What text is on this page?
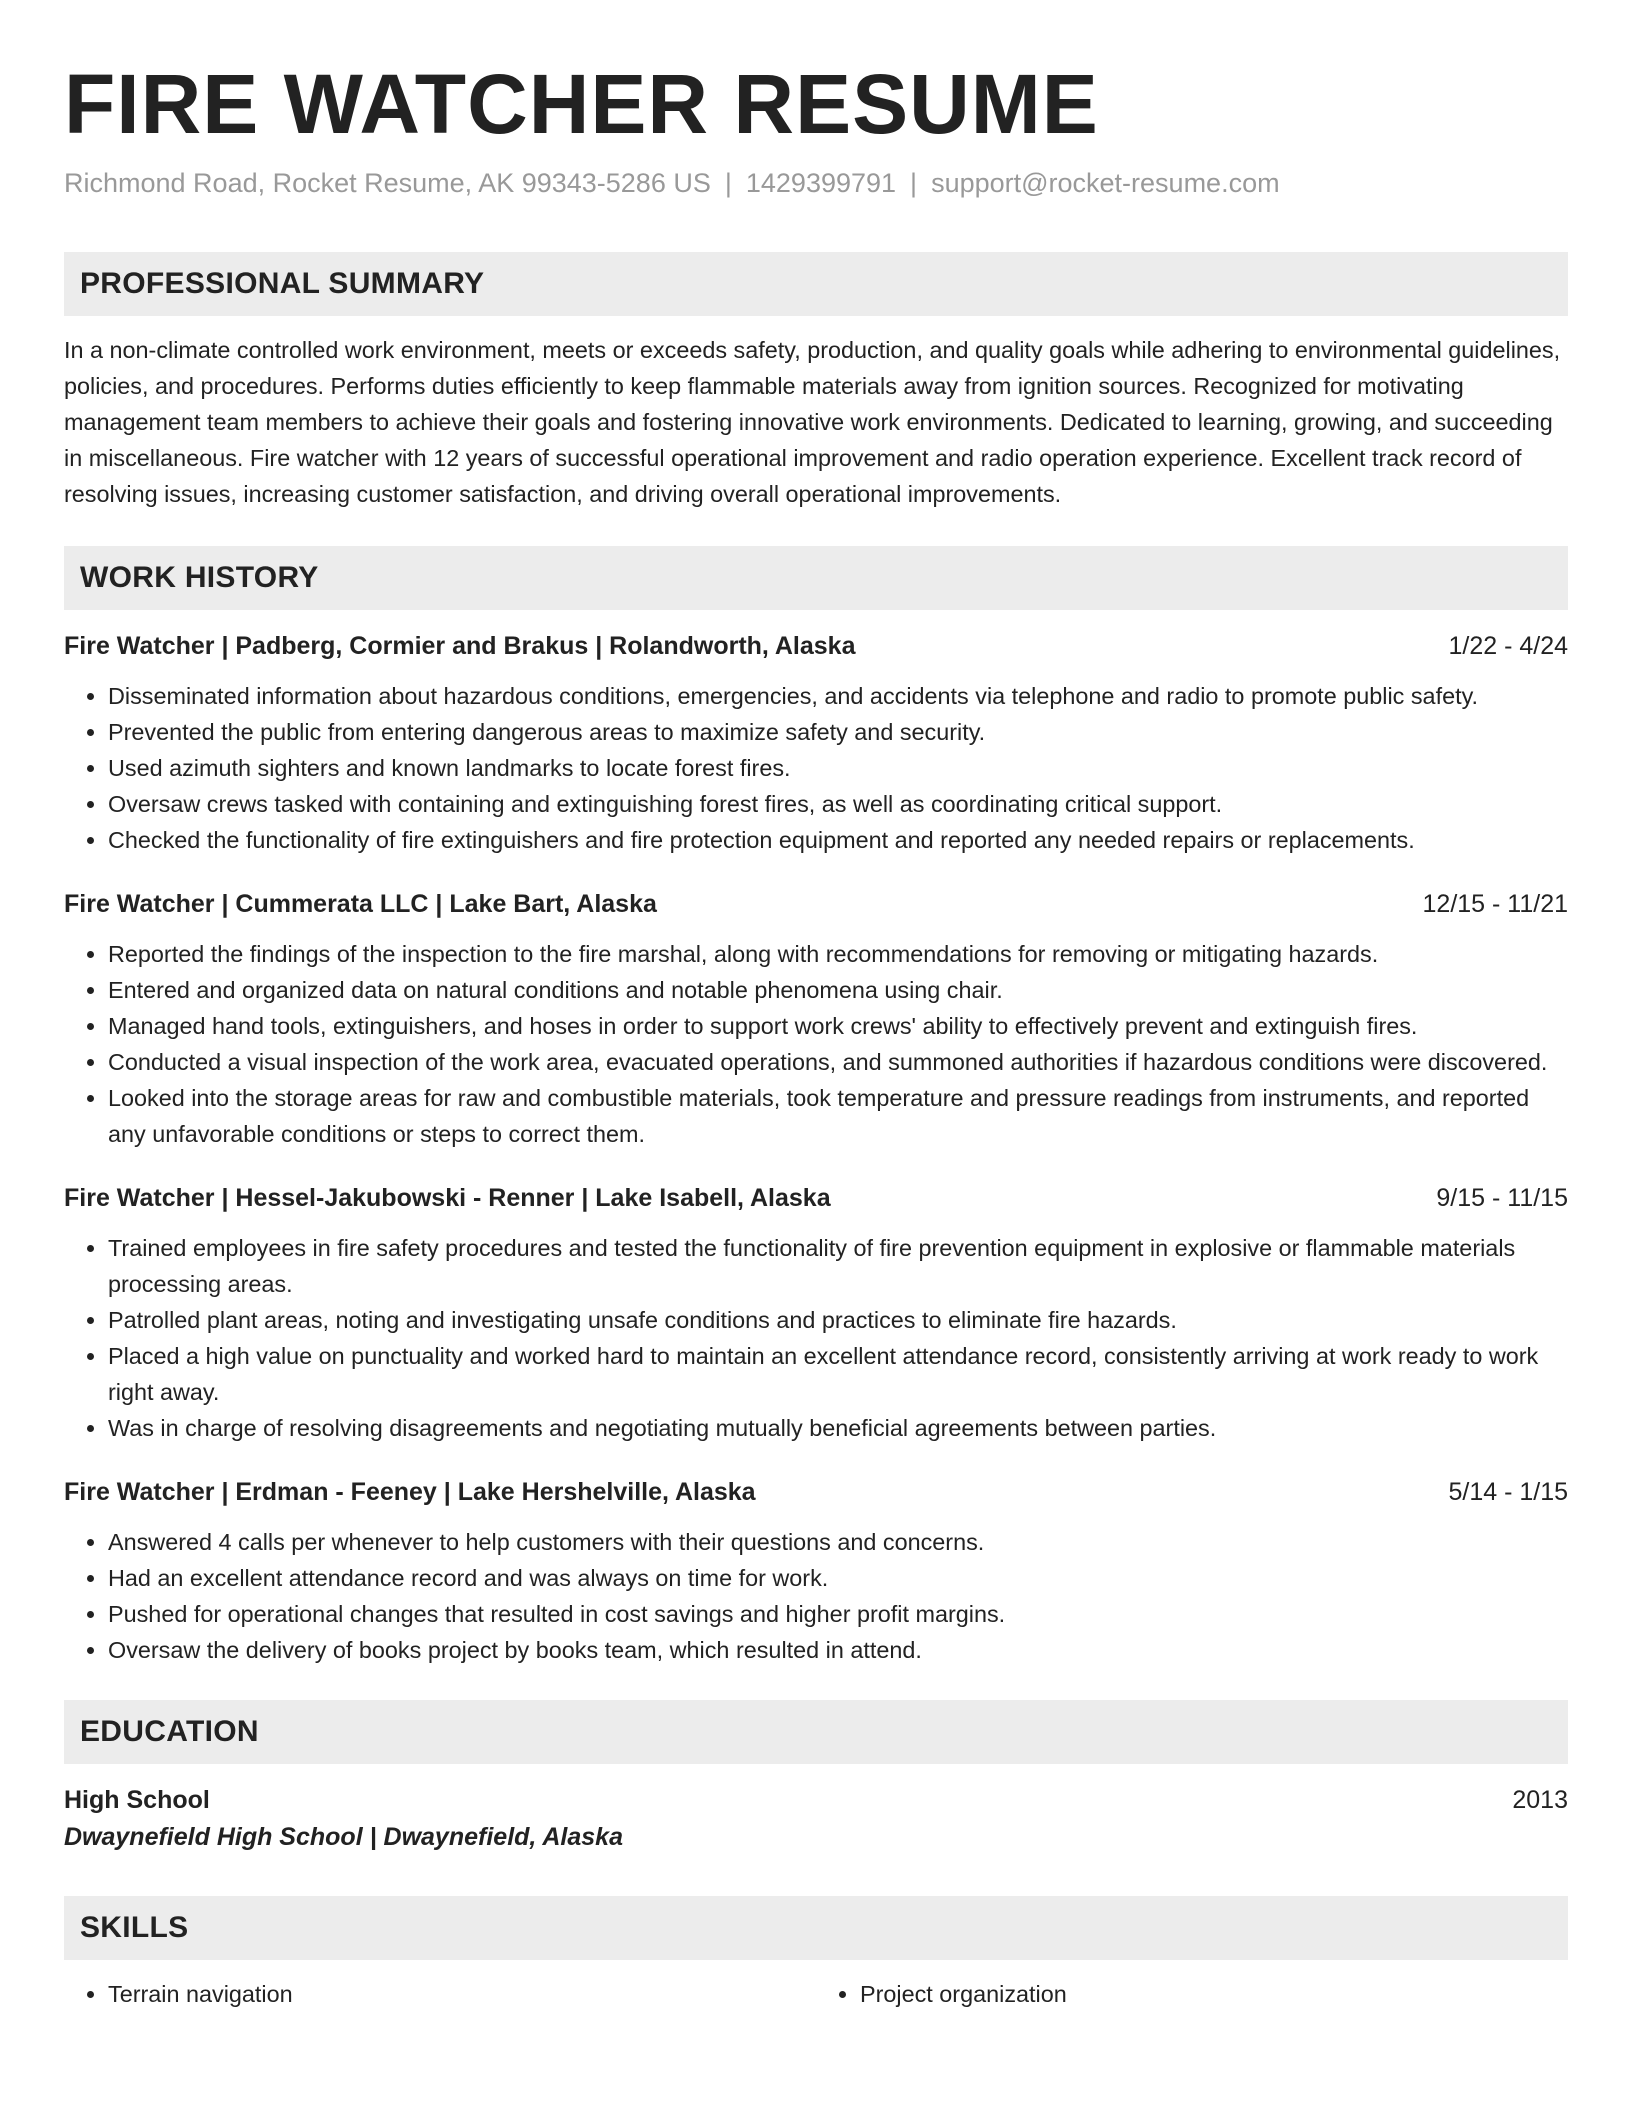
FIRE WATCHER RESUME
Richmond Road, Rocket Resume, AK 99343-5286 US | 1429399791 | support@rocket-resume.com
PROFESSIONAL SUMMARY
In a non-climate controlled work environment, meets or exceeds safety, production, and quality goals while adhering to environmental guidelines, policies, and procedures. Performs duties efficiently to keep flammable materials away from ignition sources. Recognized for motivating management team members to achieve their goals and fostering innovative work environments. Dedicated to learning, growing, and succeeding in miscellaneous. Fire watcher with 12 years of successful operational improvement and radio operation experience. Excellent track record of resolving issues, increasing customer satisfaction, and driving overall operational improvements.
WORK HISTORY
Fire Watcher | Padberg, Cormier and Brakus | Rolandworth, Alaska	1/22 - 4/24
• Disseminated information about hazardous conditions, emergencies, and accidents via telephone and radio to promote public safety.
• Prevented the public from entering dangerous areas to maximize safety and security.
• Used azimuth sighters and known landmarks to locate forest fires.
• Oversaw crews tasked with containing and extinguishing forest fires, as well as coordinating critical support.
• Checked the functionality of fire extinguishers and fire protection equipment and reported any needed repairs or replacements.
Fire Watcher | Cummerata LLC | Lake Bart, Alaska	12/15 - 11/21
• Reported the findings of the inspection to the fire marshal, along with recommendations for removing or mitigating hazards.
• Entered and organized data on natural conditions and notable phenomena using chair.
• Managed hand tools, extinguishers, and hoses in order to support work crews' ability to effectively prevent and extinguish fires.
• Conducted a visual inspection of the work area, evacuated operations, and summoned authorities if hazardous conditions were discovered.
• Looked into the storage areas for raw and combustible materials, took temperature and pressure readings from instruments, and reported any unfavorable conditions or steps to correct them.
Fire Watcher | Hessel-Jakubowski - Renner | Lake Isabell, Alaska	9/15 - 11/15
• Trained employees in fire safety procedures and tested the functionality of fire prevention equipment in explosive or flammable materials processing areas.
• Patrolled plant areas, noting and investigating unsafe conditions and practices to eliminate fire hazards.
• Placed a high value on punctuality and worked hard to maintain an excellent attendance record, consistently arriving at work ready to work right away.
• Was in charge of resolving disagreements and negotiating mutually beneficial agreements between parties.
Fire Watcher | Erdman - Feeney | Lake Hershelville, Alaska	5/14 - 1/15
• Answered 4 calls per whenever to help customers with their questions and concerns.
• Had an excellent attendance record and was always on time for work.
• Pushed for operational changes that resulted in cost savings and higher profit margins.
• Oversaw the delivery of books project by books team, which resulted in attend.
EDUCATION
High School	2013
Dwaynefield High School | Dwaynefield, Alaska
SKILLS
• Terrain navigation
•	Project organization
